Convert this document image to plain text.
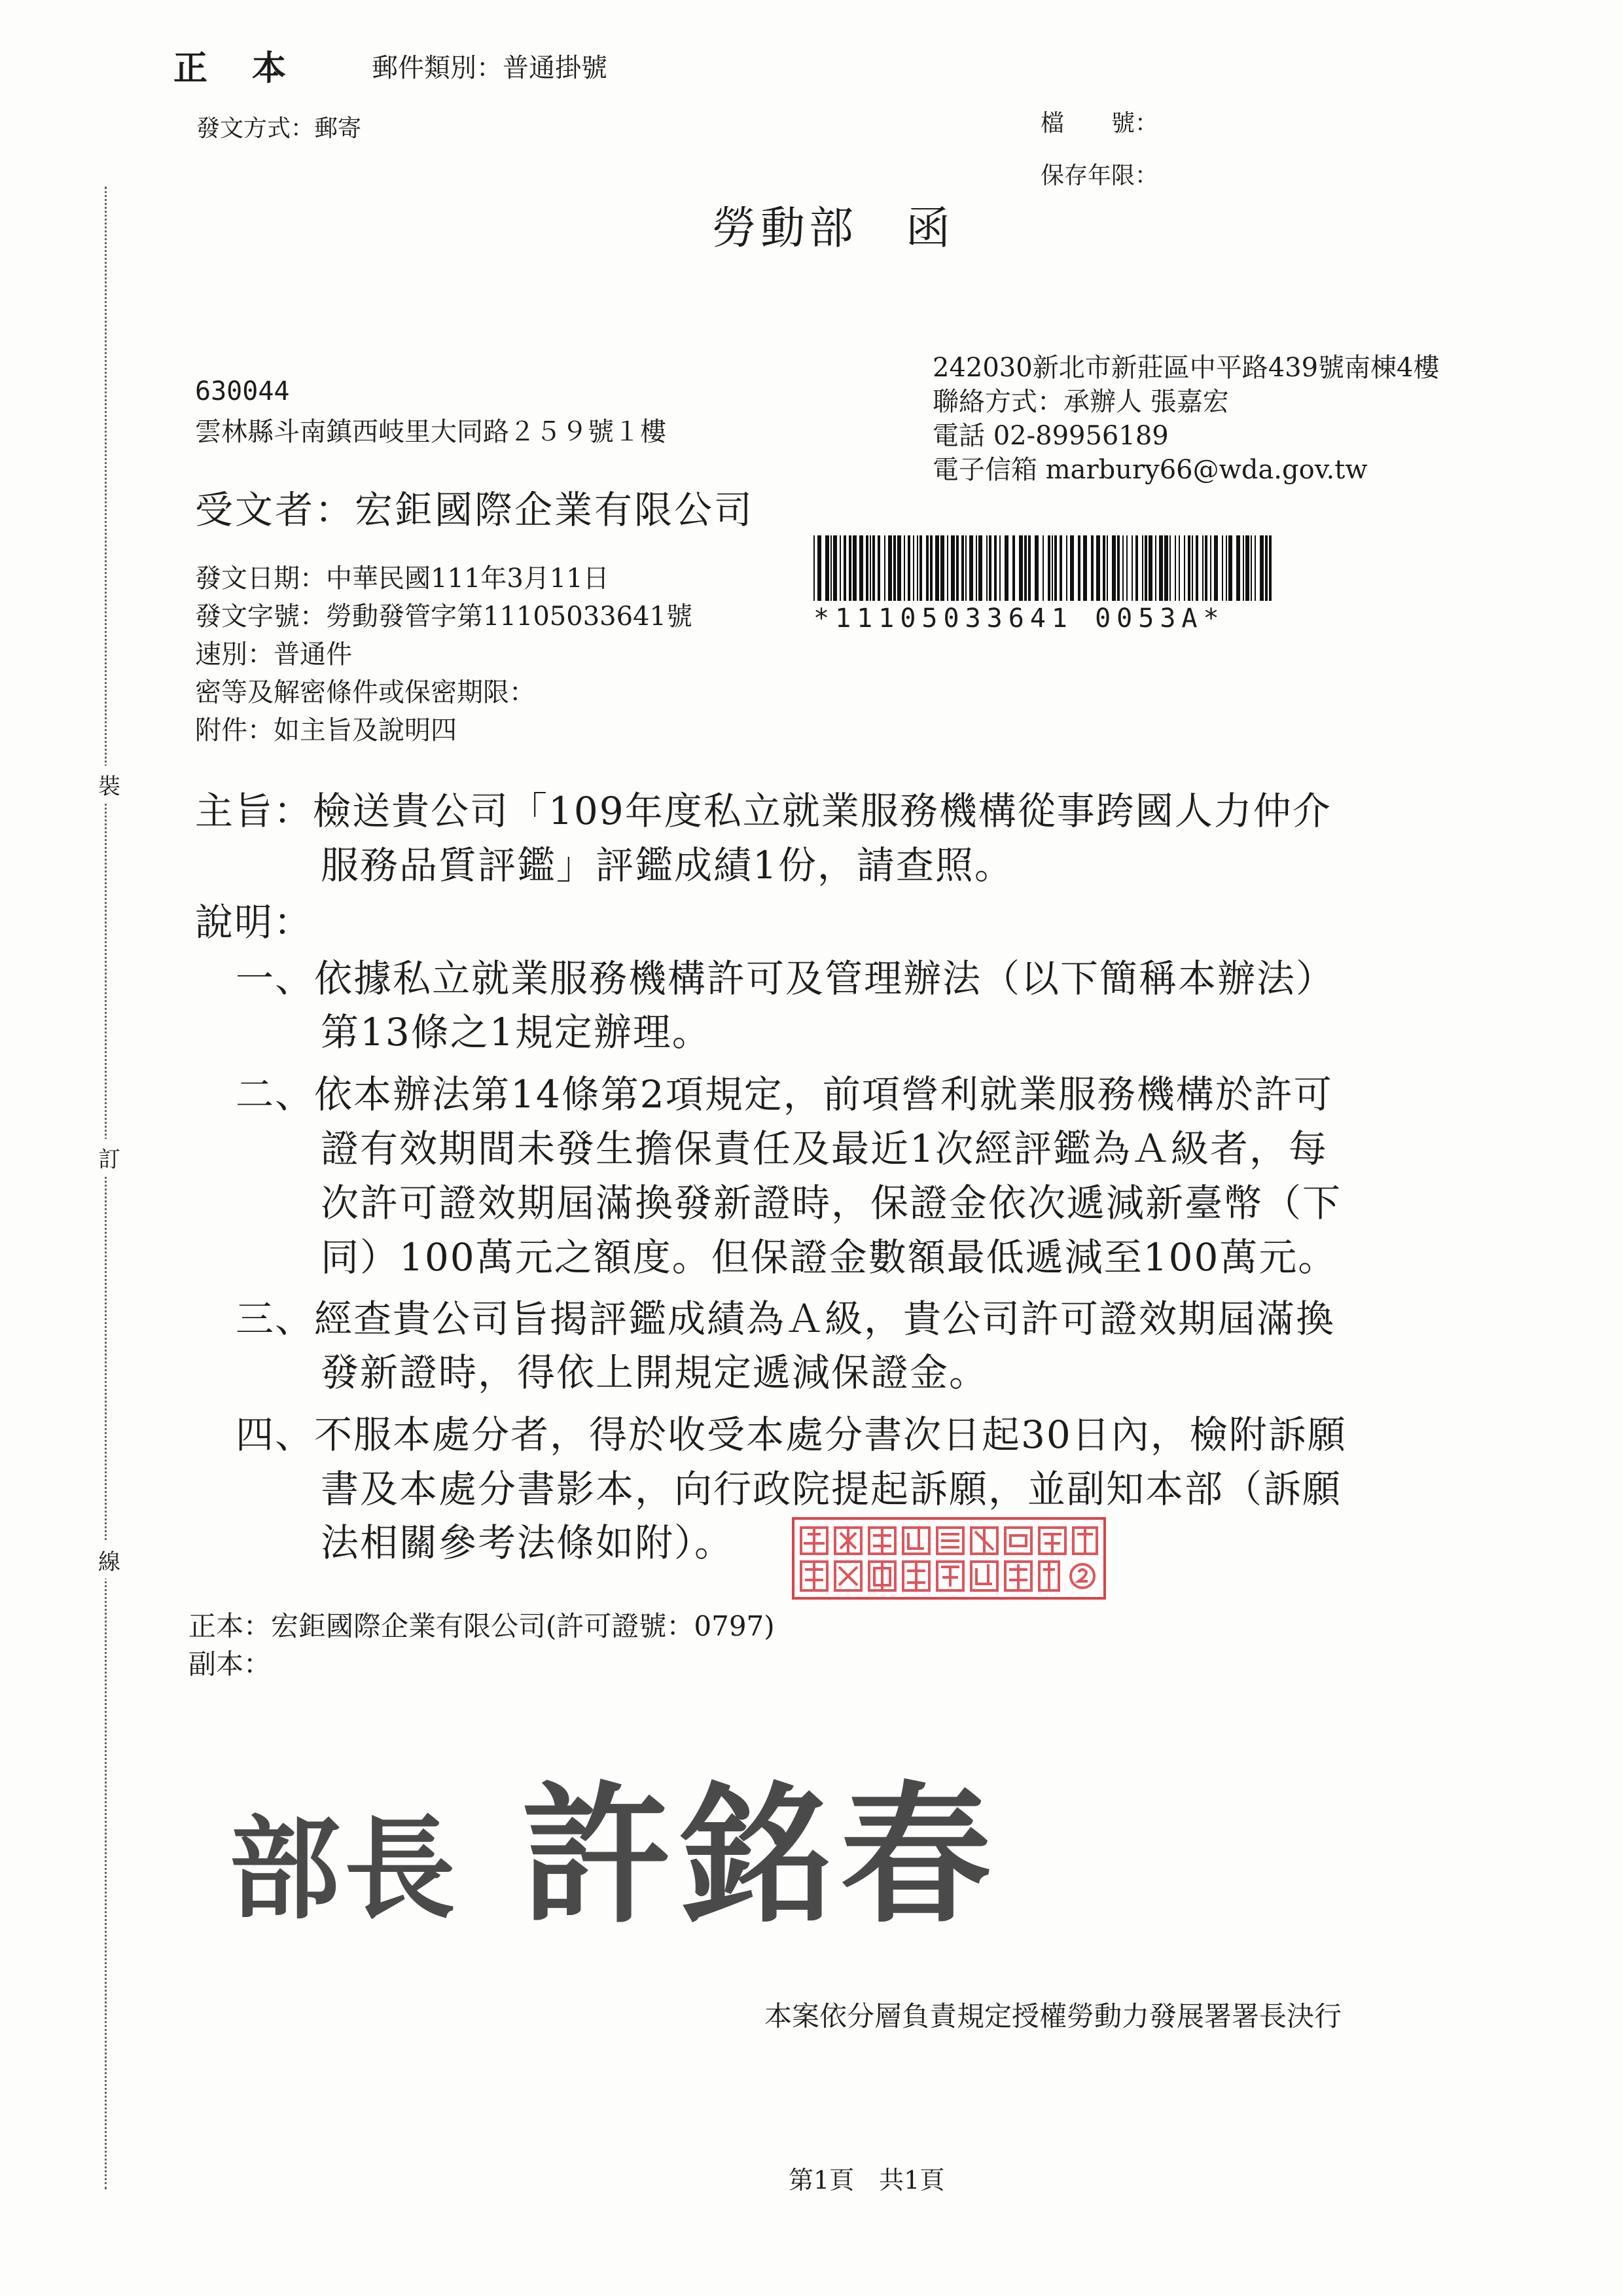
裝
訂
線
正　本	郵件類別：普通掛號
發文方式：郵寄	檔　　號：
保存年限：
勞動部　函
630044
雲林縣斗南鎮西岐里大同路２５９號１樓
242030新北市新莊區中平路439號南棟4樓
聯絡方式：承辦人 張嘉宏
電話 02-89956189
電子信箱 marbury66@wda.gov.tw
受文者：宏鉅國際企業有限公司
發文日期：中華民國111年3月11日
發文字號：勞動發管字第11105033641號
速別：普通件
密等及解密條件或保密期限：
附件：如主旨及說明四
*11105033641 0053A*
主旨：檢送貴公司「109年度私立就業服務機構從事跨國人力仲介
服務品質評鑑」評鑑成績1份，請查照。
說明：
一、依據私立就業服務機構許可及管理辦法（以下簡稱本辦法）
第13條之1規定辦理。
二、依本辦法第14條第2項規定，前項營利就業服務機構於許可
證有效期間未發生擔保責任及最近1次經評鑑為Ａ級者，每
次許可證效期屆滿換發新證時，保證金依次遞減新臺幣（下
同）100萬元之額度。但保證金數額最低遞減至100萬元。
三、經查貴公司旨揭評鑑成績為Ａ級，貴公司許可證效期屆滿換
發新證時，得依上開規定遞減保證金。
四、不服本處分者，得於收受本處分書次日起30日內，檢附訴願
書及本處分書影本，向行政院提起訴願，並副知本部（訴願
法相關參考法條如附）。
正本：宏鉅國際企業有限公司(許可證號：0797)
副本：
部長 許銘春
本案依分層負責規定授權勞動力發展署署長決行
第1頁　共1頁
